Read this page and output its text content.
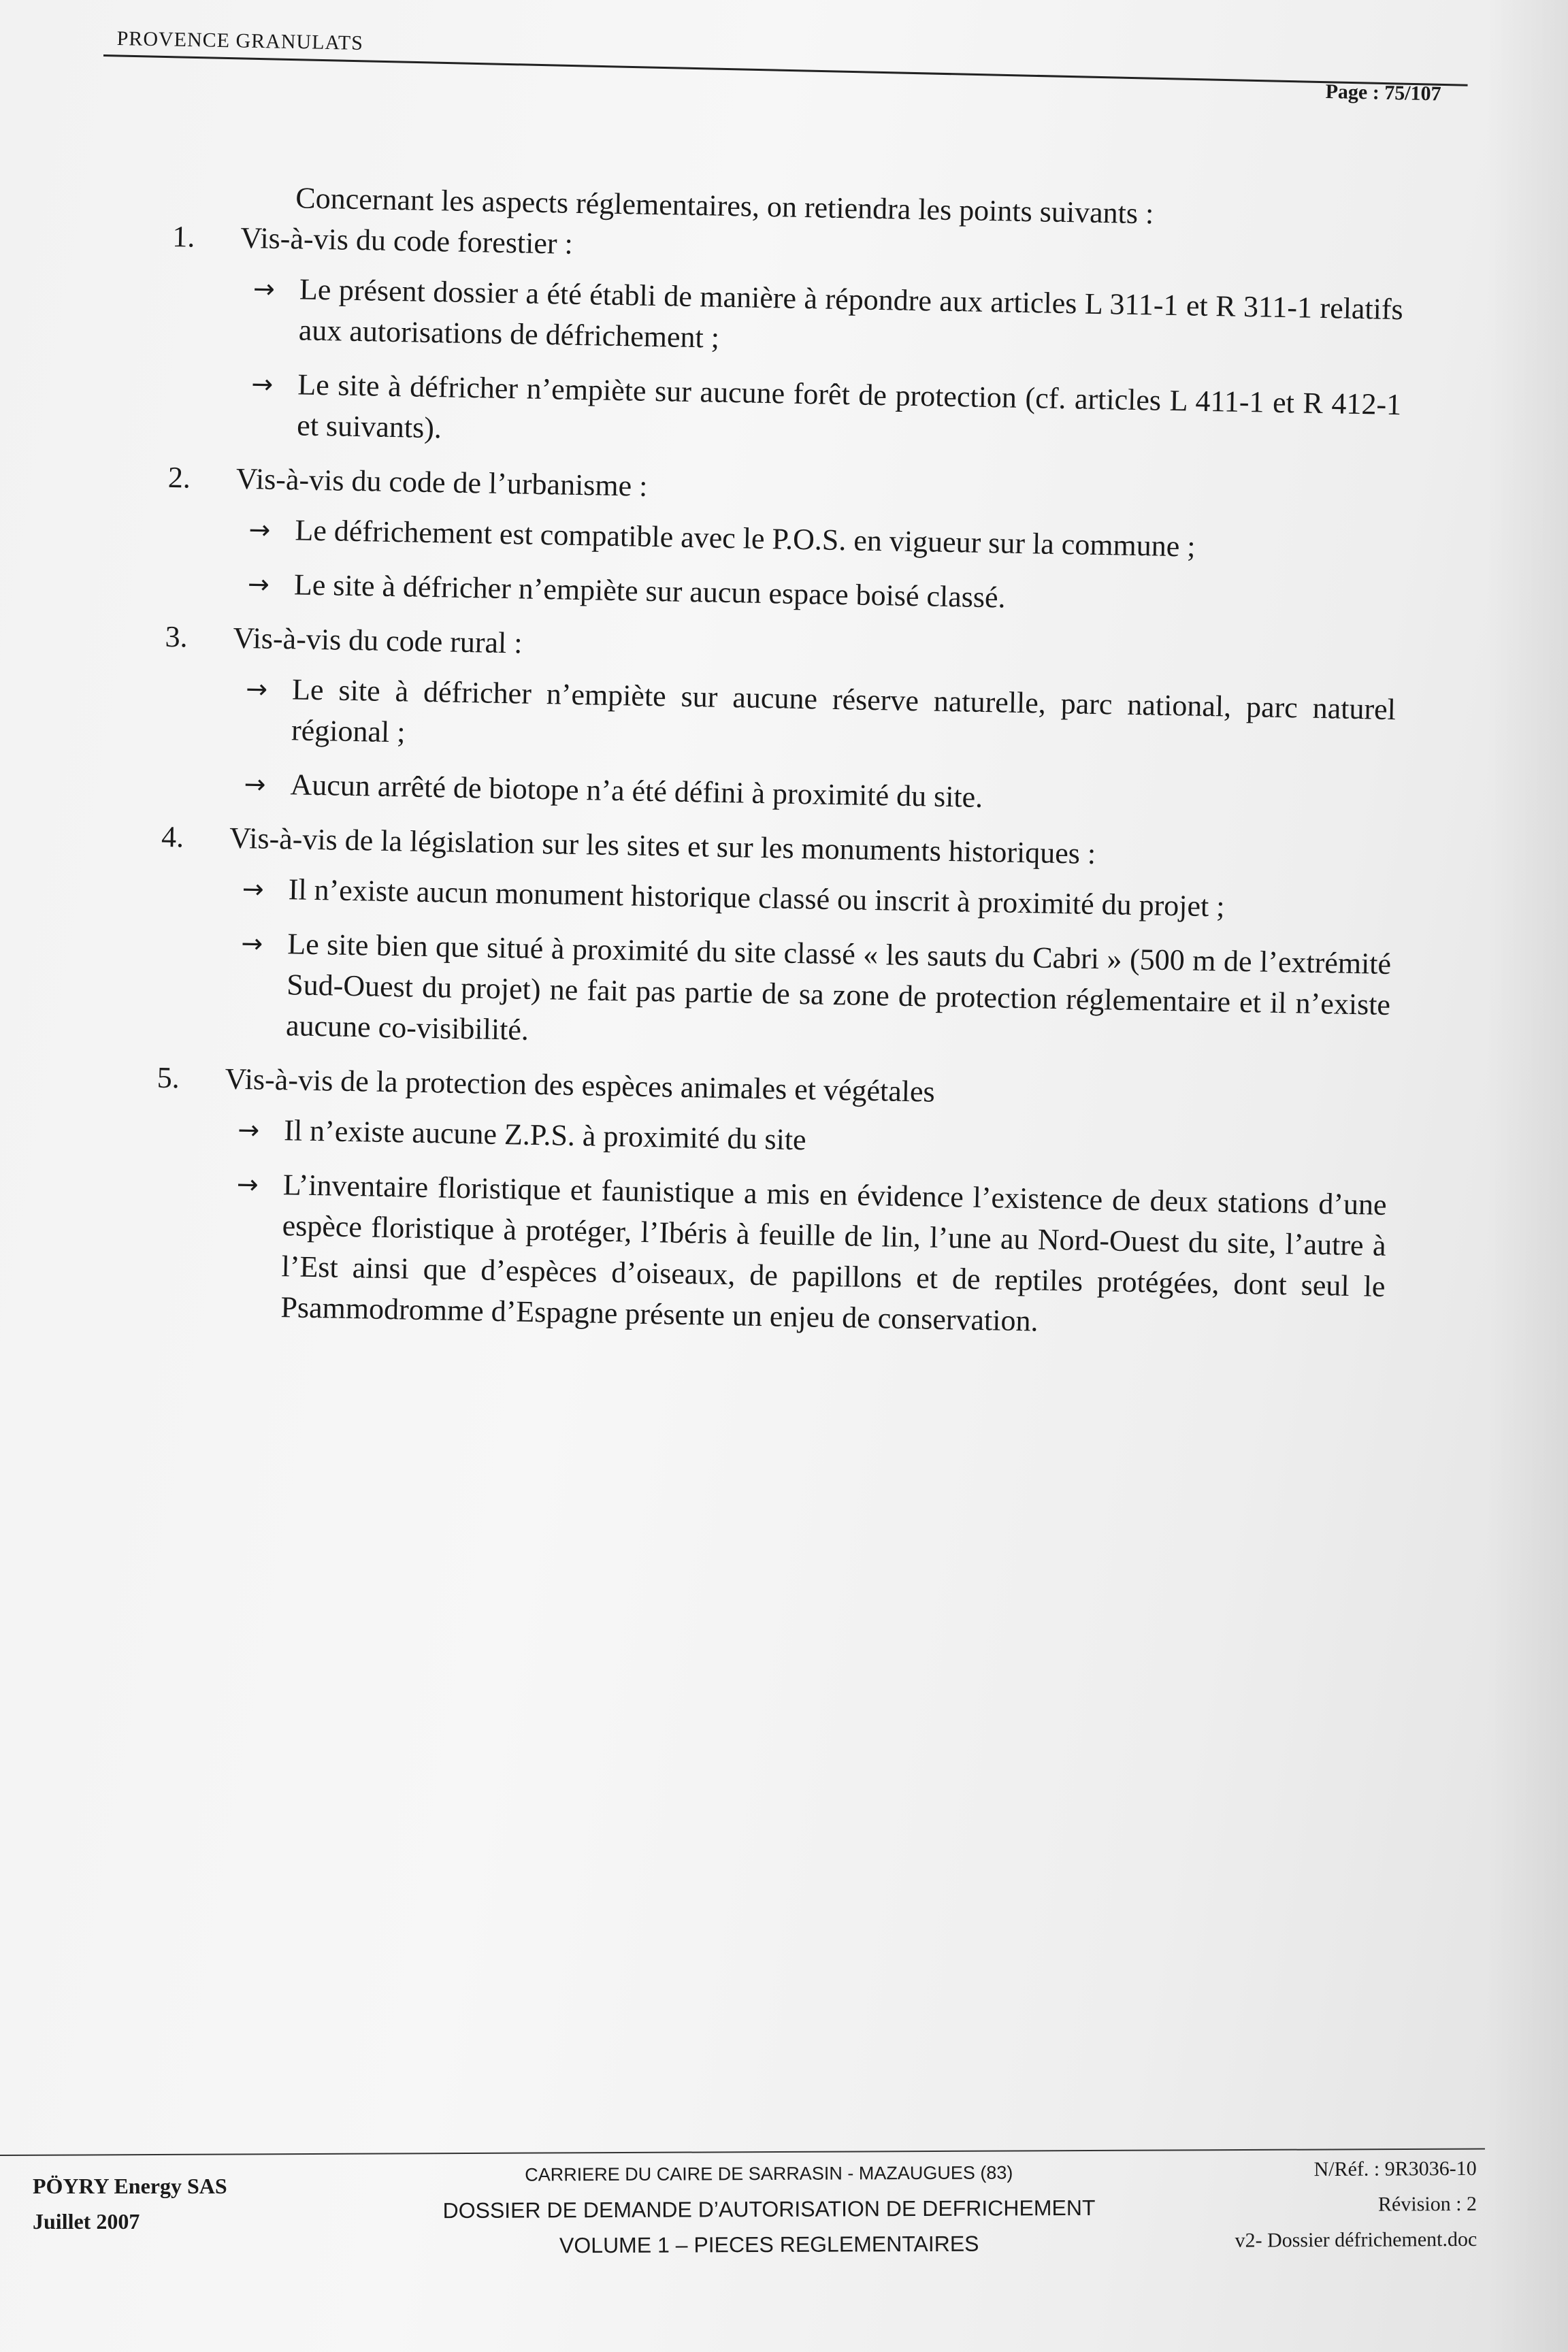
PROVENCE GRANULATS
Page : 75/107

Concernant les aspects réglementaires, on retiendra les points suivants :

1.	Vis-à-vis du code forestier :
→ Le présent dossier a été établi de manière à répondre aux articles L 311-1 et R 311-1 relatifs aux autorisations de défrichement ;
→ Le site à défricher n’empiète sur aucune forêt de protection (cf. articles L 411-1 et R 412-1 et suivants).
2.	Vis-à-vis du code de l’urbanisme :
→ Le défrichement est compatible avec le P.O.S. en vigueur sur la commune ;
→ Le site à défricher n’empiète sur aucun espace boisé classé.
3.	Vis-à-vis du code rural :
→ Le site à défricher n’empiète sur aucune réserve naturelle, parc national, parc naturel régional ;
→ Aucun arrêté de biotope n’a été défini à proximité du site.
4.	Vis-à-vis de la législation sur les sites et sur les monuments historiques :
→ Il n’existe aucun monument historique classé ou inscrit à proximité du projet ;
→ Le site bien que situé à proximité du site classé « les sauts du Cabri » (500 m de l’extrémité Sud-Ouest du projet) ne fait pas partie de sa zone de protection réglementaire et il n’existe aucune co-visibilité.
5.	Vis-à-vis de la protection des espèces animales et végétales
→ Il n’existe aucune Z.P.S. à proximité du site
→ L’inventaire floristique et faunistique a mis en évidence l’existence de deux stations d’une espèce floristique à protéger, l’Ibéris à feuille de lin, l’une au Nord-Ouest du site, l’autre à l’Est ainsi que d’espèces d’oiseaux, de papillons et de reptiles protégées, dont seul le Psammodromme d’Espagne présente un enjeu de conservation.
PÖYRY Energy SAS
Juillet 2007
CARRIERE DU CAIRE DE SARRASIN - MAZAUGUES (83)
DOSSIER DE DEMANDE D’AUTORISATION DE DEFRICHEMENT
VOLUME 1 – PIECES REGLEMENTAIRES
N/Réf. : 9R3036-10
Révision : 2
v2- Dossier défrichement.doc
